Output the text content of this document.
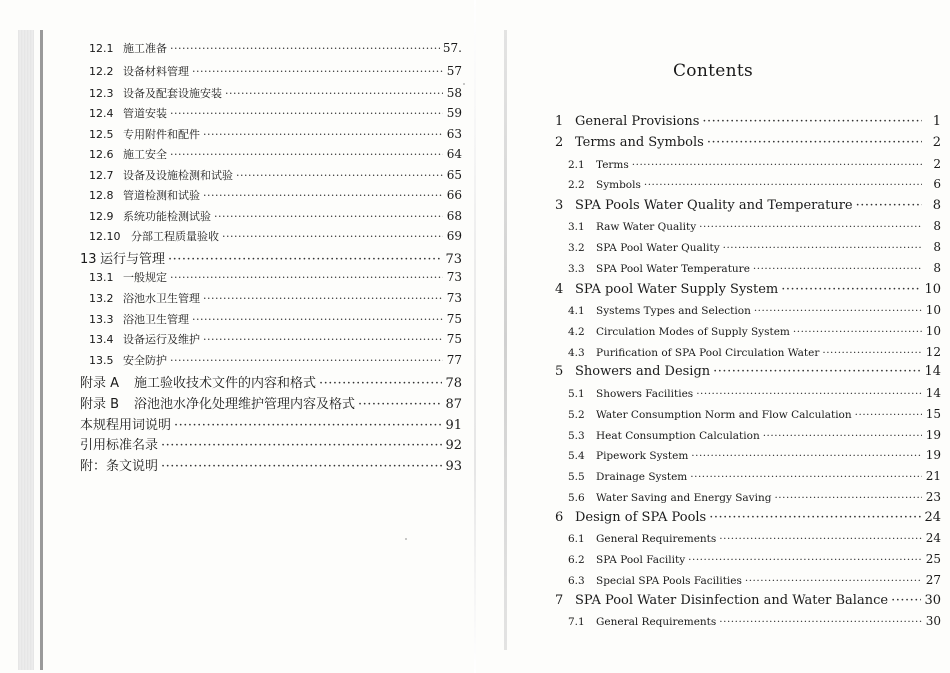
12.1 施工准备 ·····	57.
12.2 设备材料管理 ·····	57
12.3 设备及配套设施安装 ·····	58
12.4 管道安装 ·····	59
12.5 专用附件和配件 ·····	63
12.6 施工安全 ·····	64
12.7 设备及设施检测和试验 ·····	65
12.8 管道检测和试验 ·····	66
12.9 系统功能检测试验 ·····	68
12.10 分部工程质量验收 ·····	69
13 运行与管理 ·····	73
13.1 一般规定 ·····	73
13.2 浴池水卫生管理 ·····	73
13.3 浴池卫生管理 ·····	75
13.4 设备运行及维护 ·····	75
13.5 安全防护 ·····	77
附录 A 施工验收技术文件的内容和格式 ·····	78
附录 B 浴池池水净化处理维护管理内容及格式 ·····	87
本规程用词说明 ·····	91
引用标准名录 ·····	92
附：条文说明 ·····	93
Contents
1 General Provisions ·····	1
2 Terms and Symbols ·····	2
2.1 Terms ·····	2
2.2 Symbols ·····	6
3 SPA Pools Water Quality and Temperature ·····	8
3.1 Raw Water Quality ·····	8
3.2 SPA Pool Water Quality ·····	8
3.3 SPA Pool Water Temperature ·····	8
4 SPA pool Water Supply System ·····	10
4.1 Systems Types and Selection ·····	10
4.2 Circulation Modes of Supply System ·····	10
4.3 Purification of SPA Pool Circulation Water ·····	12
5 Showers and Design ·····	14
5.1 Showers Facilities ·····	14
5.2 Water Consumption Norm and Flow Calculation ·····	15
5.3 Heat Consumption Calculation ·····	19
5.4 Pipework System ·····	19
5.5 Drainage System ·····	21
5.6 Water Saving and Energy Saving ·····	23
6 Design of SPA Pools ·····	24
6.1 General Requirements ·····	24
6.2 SPA Pool Facility ·····	25
6.3 Special SPA Pools Facilities ·····	27
7 SPA Pool Water Disinfection and Water Balance ·····	30
7.1 General Requirements ·····	30
